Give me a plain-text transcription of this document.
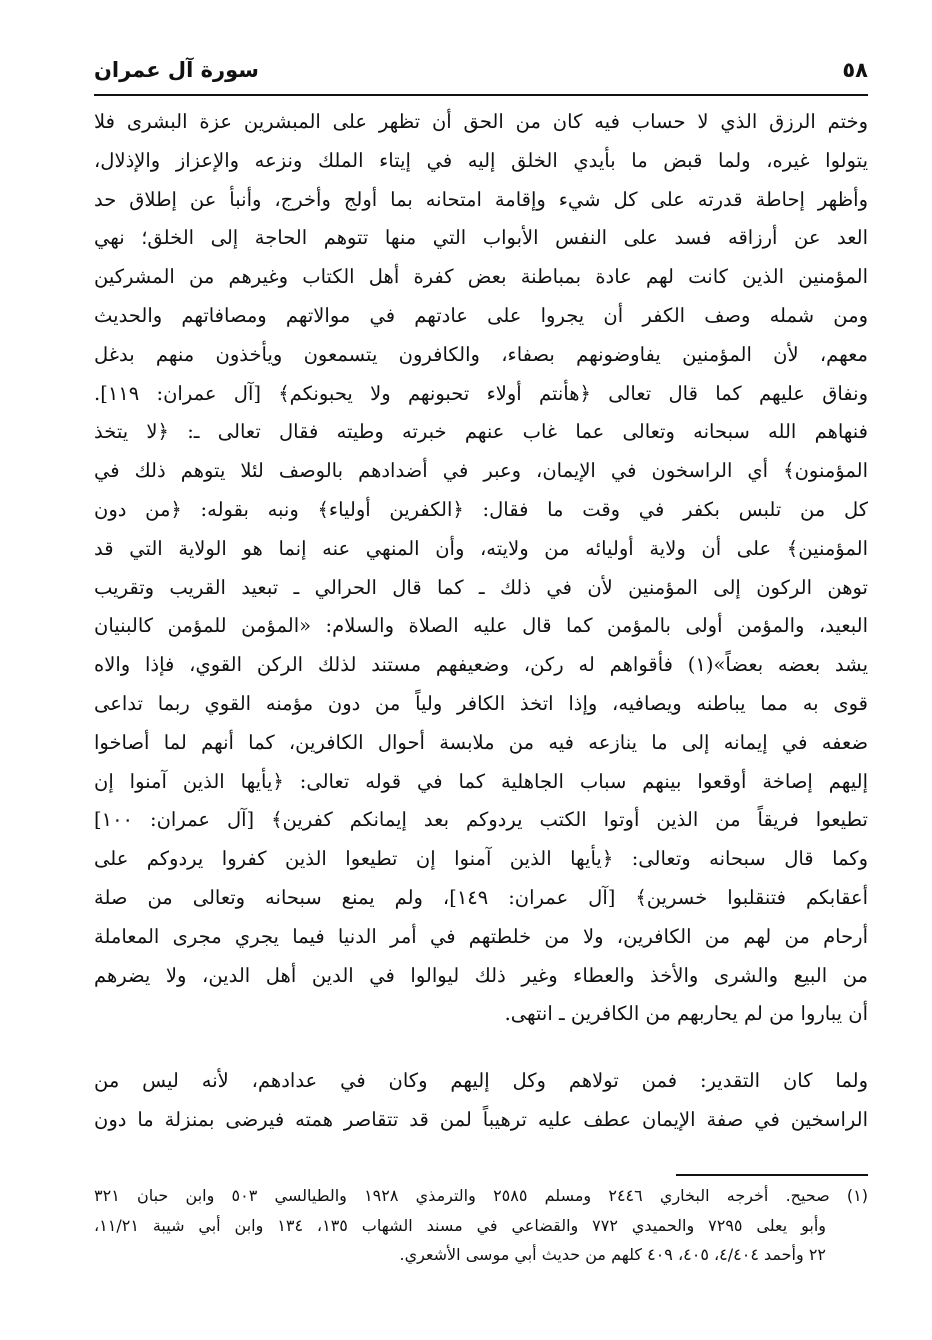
٥٨
سورة آل عمران
وختم الرزق الذي لا حساب فيه كان من الحق أن تظهر على المبشرين عزة البشرى فلا
يتولوا غيره، ولما قبض ما بأيدي الخلق إليه في إيتاء الملك ونزعه والإعزاز والإذلال،
وأظهر إحاطة قدرته على كل شيء وإقامة امتحانه بما أولج وأخرج، وأنبأ عن إطلاق حد
العد عن أرزاقه فسد على النفس الأبواب التي منها تتوهم الحاجة إلى الخلق؛ نهي
المؤمنين الذين كانت لهم عادة بمباطنة بعض كفرة أهل الكتاب وغيرهم من المشركين
ومن شمله وصف الكفر أن يجروا على عادتهم في موالاتهم ومصافاتهم والحديث
معهم، لأن المؤمنين يفاوضونهم بصفاء، والكافرون يتسمعون ويأخذون منهم بدغل
ونفاق عليهم كما قال تعالى ﴿هأنتم أولاء تحبونهم ولا يحبونكم﴾ [آل عمران: ١١٩].
فنهاهم الله سبحانه وتعالى عما غاب عنهم خبرته وطيته فقال تعالى ـ: ﴿لا يتخذ
المؤمنون﴾ أي الراسخون في الإيمان، وعبر في أضدادهم بالوصف لئلا يتوهم ذلك في
كل من تلبس بكفر في وقت ما فقال: ﴿الكفرين أولياء﴾ ونبه بقوله: ﴿من دون
المؤمنين﴾ على أن ولاية أوليائه من ولايته، وأن المنهي عنه إنما هو الولاية التي قد
توهن الركون إلى المؤمنين لأن في ذلك ـ كما قال الحرالي ـ تبعيد القريب وتقريب
البعيد، والمؤمن أولى بالمؤمن كما قال عليه الصلاة والسلام: «المؤمن للمؤمن كالبنيان
يشد بعضه بعضاً»(١) فأقواهم له ركن، وضعيفهم مستند لذلك الركن القوي، فإذا والاه
قوى به مما يباطنه ويصافيه، وإذا اتخذ الكافر ولياً من دون مؤمنه القوي ربما تداعى
ضعفه في إيمانه إلى ما ينازعه فيه من ملابسة أحوال الكافرين، كما أنهم لما أصاخوا
إليهم إصاخة أوقعوا بينهم سباب الجاهلية كما في قوله تعالى: ﴿يأيها الذين آمنوا إن
تطيعوا فريقاً من الذين أوتوا الكتب يردوكم بعد إيمانكم كفرين﴾ [آل عمران: ١٠٠]
وكما قال سبحانه وتعالى: ﴿يأيها الذين آمنوا إن تطيعوا الذين كفروا يردوكم على
أعقابكم فتنقلبوا خسرين﴾ [آل عمران: ١٤٩]، ولم يمنع سبحانه وتعالى من صلة
أرحام من لهم من الكافرين، ولا من خلطتهم في أمر الدنيا فيما يجري مجرى المعاملة
من البيع والشرى والأخذ والعطاء وغير ذلك ليوالوا في الدين أهل الدين، ولا يضرهم
أن يباروا من لم يحاربهم من الكافرين ـ انتهى.
ولما كان التقدير: فمن تولاهم وكل إليهم وكان في عدادهم، لأنه ليس من
الراسخين في صفة الإيمان عطف عليه ترهيباً لمن قد تتقاصر همته فيرضى بمنزلة ما دون
(١) صحيح. أخرجه البخاري ٢٤٤٦ ومسلم ٢٥٨٥ والترمذي ١٩٢٨ والطيالسي ٥٠٣ وابن حبان ٣٢١
وأبو يعلى ٧٢٩٥ والحميدي ٧٧٢ والقضاعي في مسند الشهاب ١٣٥، ١٣٤ وابن أبي شيبة ١١/٢١،
٢٢ وأحمد ٤/٤٠٤، ٤٠٥، ٤٠٩ كلهم من حديث أبي موسى الأشعري.
